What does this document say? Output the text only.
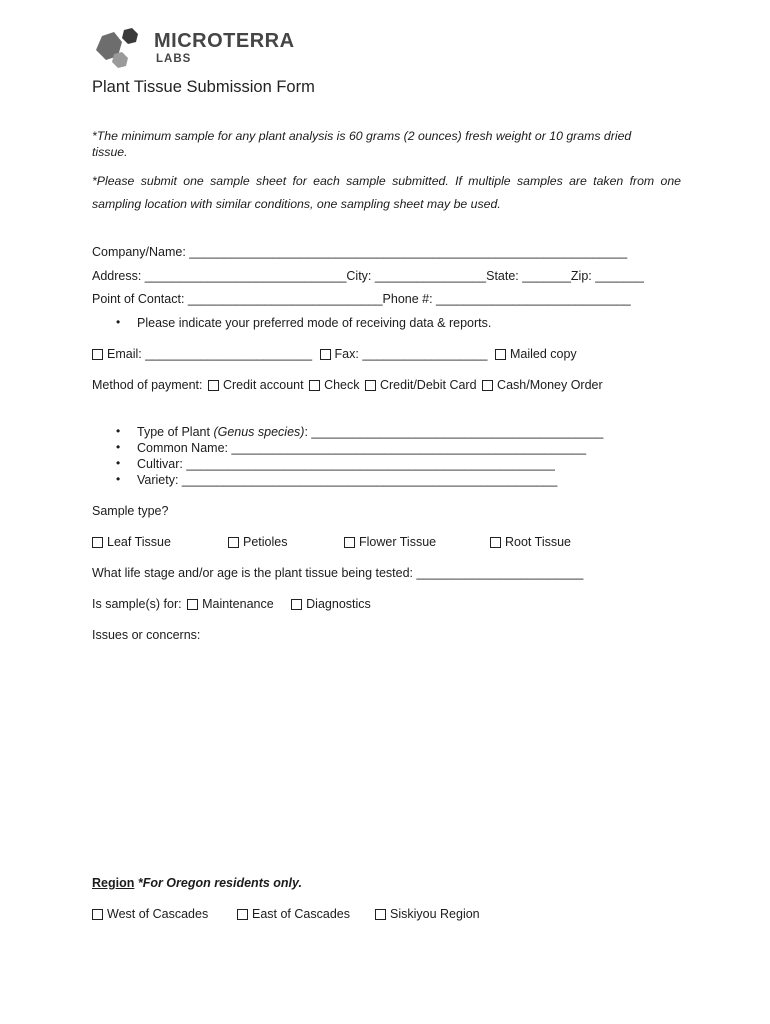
MICROTERRA
LABS
Plant Tissue Submission Form
*The minimum sample for any plant analysis is 60 grams (2 ounces) fresh weight or 10 grams dried
tissue.
*Please submit one sample sheet for each sample submitted. If multiple samples are taken from one sampling location with similar conditions, one sampling sheet may be used.
Company/Name: _______________________________________________________________
Address: _____________________________City: ________________State: _______Zip: _______
Point of Contact: ____________________________Phone #: ____________________________
• Please indicate your preferred mode of receiving data & reports.
Email: ________________________ Fax: __________________ Mailed copy
Method of payment: Credit account Check Credit/Debit Card Cash/Money Order
• Type of Plant (Genus species): __________________________________________
• Common Name: ___________________________________________________
• Cultivar: _____________________________________________________
• Variety: ______________________________________________________
Sample type?
Leaf Tissue	Petioles	Flower Tissue	Root Tissue
What life stage and/or age is the plant tissue being tested: ________________________
Is sample(s) for: Maintenance	Diagnostics
Issues or concerns:
Region *For Oregon residents only.
West of Cascades	East of Cascades	Siskiyou Region
